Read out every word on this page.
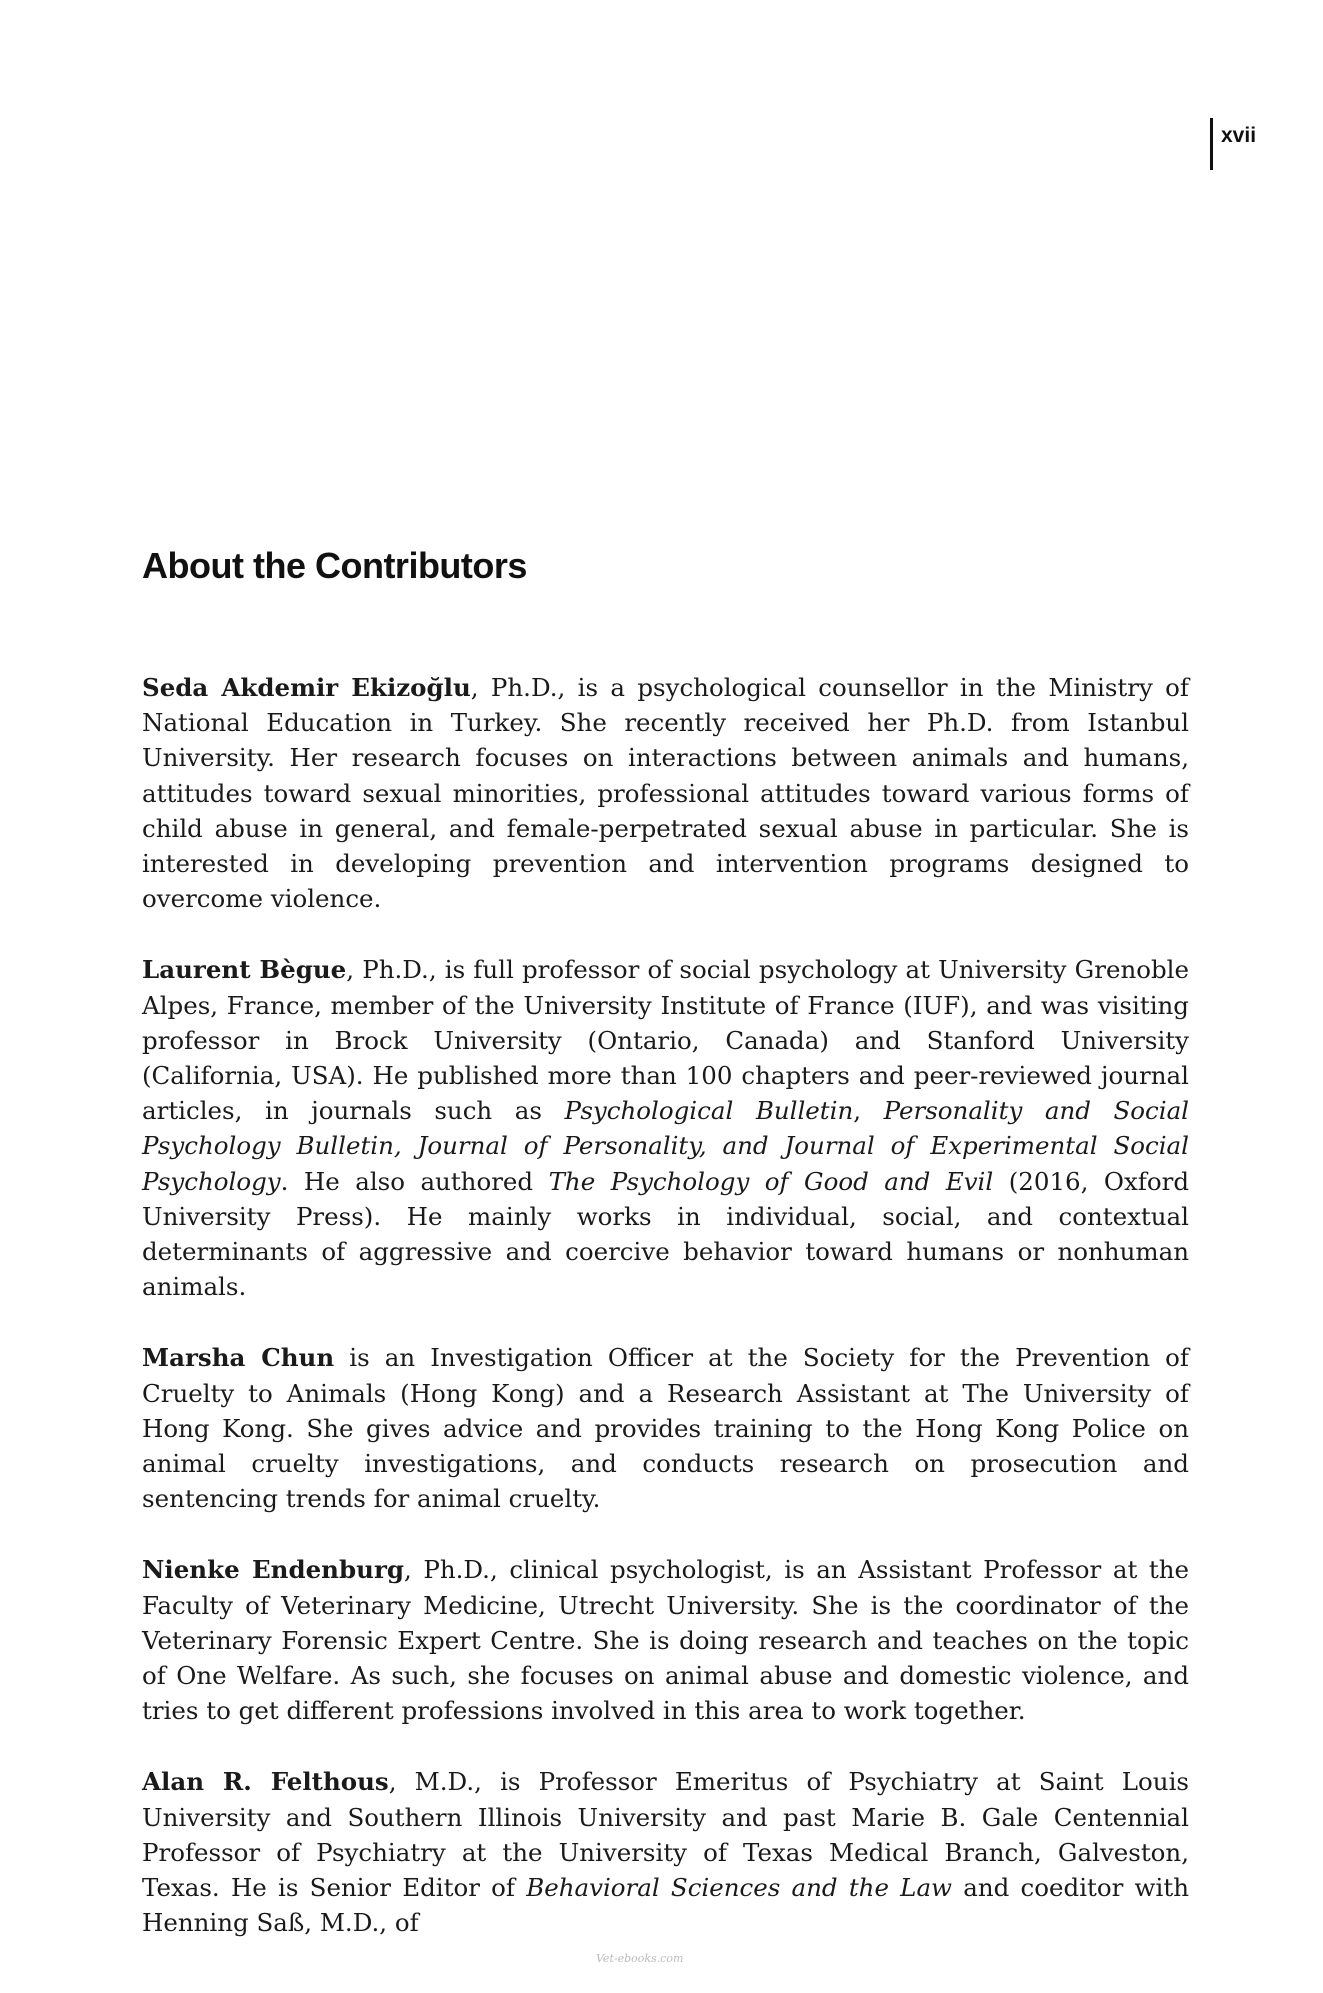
xvii
About the Contributors

Seda Akdemir Ekizoğlu, Ph.D., is a psychological counsellor in the Ministry of National Education in Turkey. She recently received her Ph.D. from Istanbul University. Her research focuses on interactions between animals and humans, attitudes toward sexual minorities, professional attitudes toward various forms of child abuse in general, and female-perpetrated sexual abuse in particular. She is interested in developing prevention and intervention programs designed to overcome violence.

Laurent Bègue, Ph.D., is full professor of social psychology at University Grenoble Alpes, France, member of the University Institute of France (IUF), and was visiting professor in Brock University (Ontario, Canada) and Stanford University (California, USA). He published more than 100 chapters and peer-reviewed journal articles, in journals such as Psychological Bulletin, Personality and Social Psychology Bulletin, Journal of Personality, and Journal of Experimental Social Psychology. He also authored The Psychology of Good and Evil (2016, Oxford University Press). He mainly works in individual, social, and contextual determinants of aggressive and coercive behavior toward humans or nonhuman animals.

Marsha Chun is an Investigation Officer at the Society for the Prevention of Cruelty to Animals (Hong Kong) and a Research Assistant at The University of Hong Kong. She gives advice and provides training to the Hong Kong Police on animal cruelty investigations, and conducts research on prosecution and sentencing trends for animal cruelty.

Nienke Endenburg, Ph.D., clinical psychologist, is an Assistant Professor at the Faculty of Veterinary Medicine, Utrecht University. She is the coordinator of the Veterinary Forensic Expert Centre. She is doing research and teaches on the topic of One Welfare. As such, she focuses on animal abuse and domestic violence, and tries to get different professions involved in this area to work together.

Alan R. Felthous, M.D., is Professor Emeritus of Psychiatry at Saint Louis University and Southern Illinois University and past Marie B. Gale Centennial Professor of Psychiatry at the University of Texas Medical Branch, Galveston, Texas. He is Senior Editor of Behavioral Sciences and the Law and coeditor with Henning Saß, M.D., of

Vet-ebooks.com
